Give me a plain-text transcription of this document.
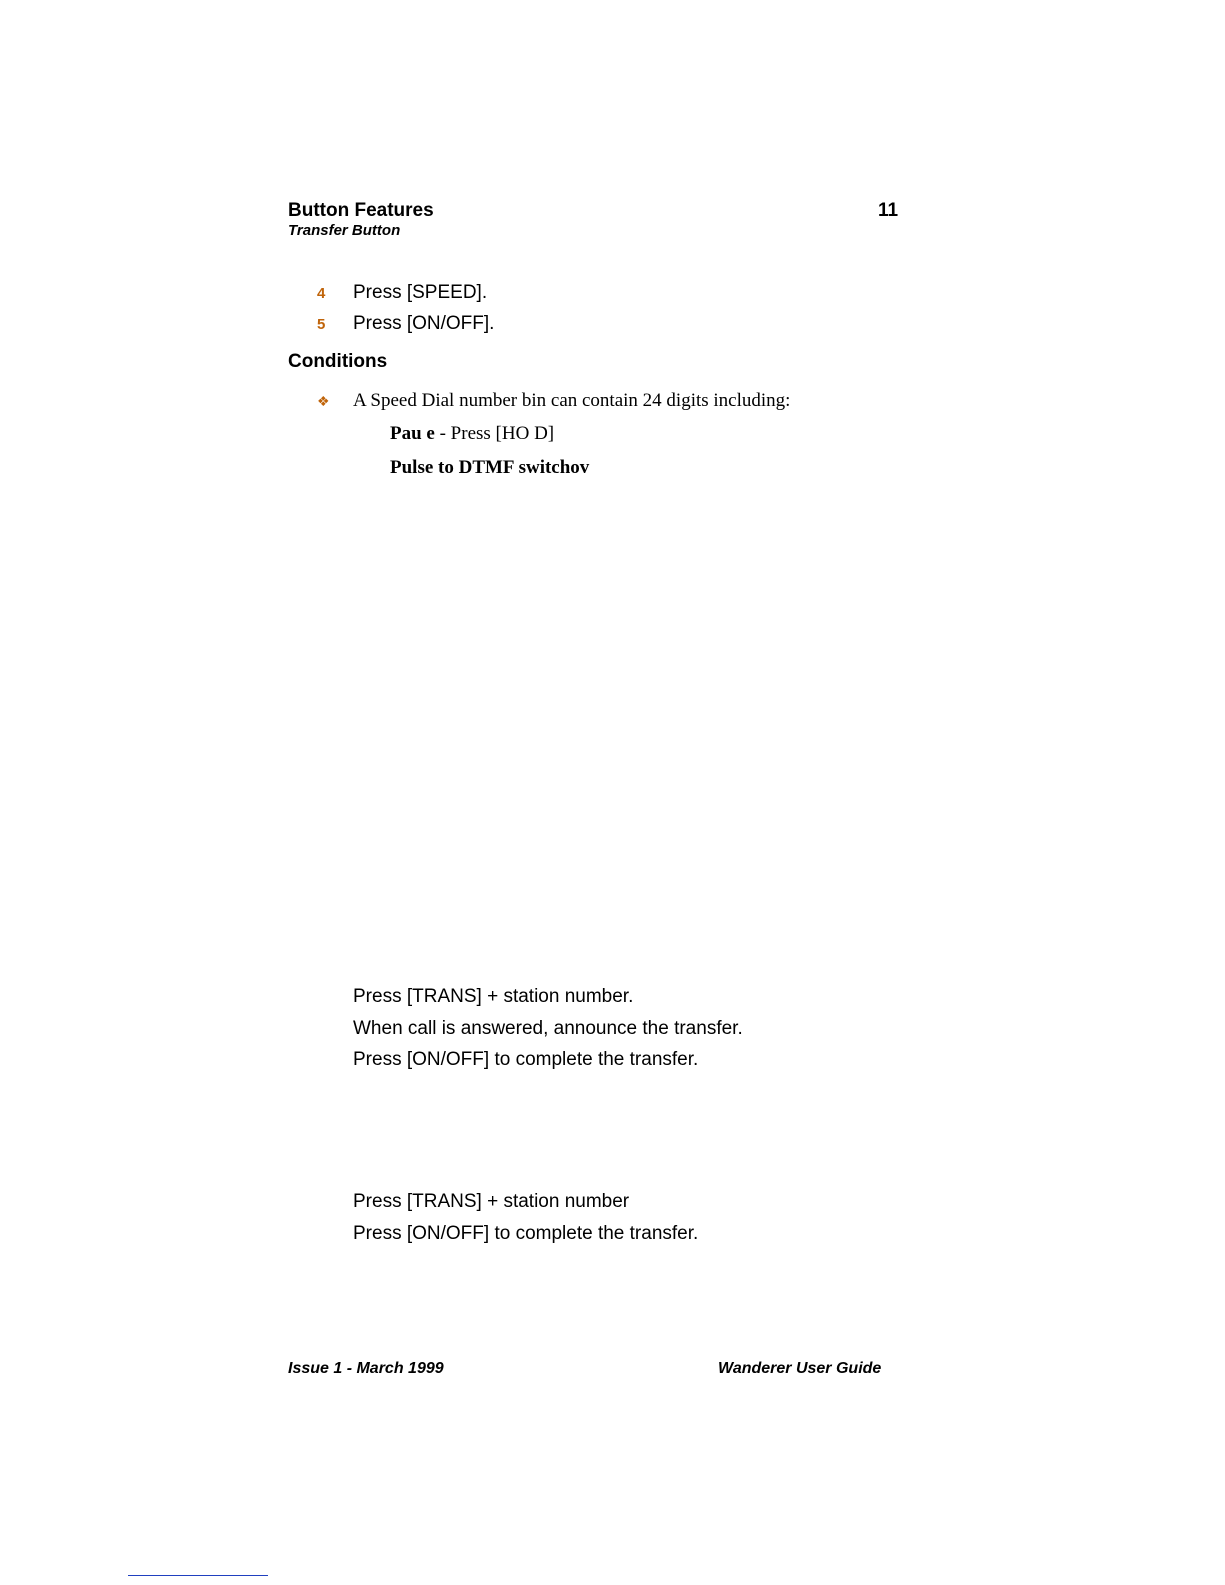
Button Features	11
Transfer Button
4 Press [SPEED].
5 Press [ON/OFF].
Conditions
❖ A Speed Dial number bin can contain 24 digits including:
Pau e - Press [HO D]
Pulse to DTMF switchov
Press [TRANS] + station number.
When call is answered, announce the transfer.
Press [ON/OFF] to complete the transfer.
Press [TRANS] + station number
Press [ON/OFF] to complete the transfer.
Issue 1 - March 1999	Wanderer User Guide
